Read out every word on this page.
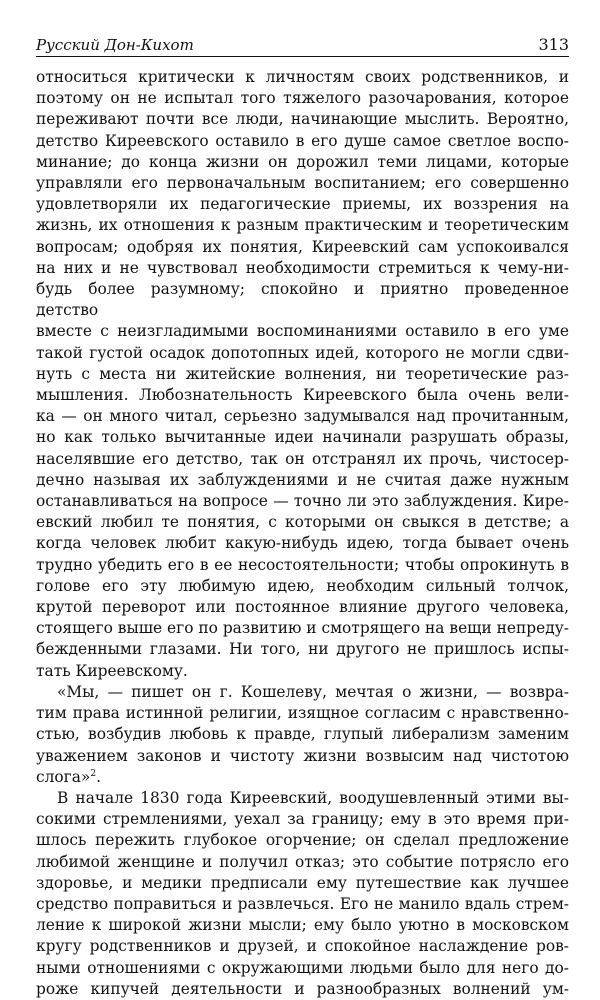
Русский Дон-Кихот	313

относиться критически к личностям своих родственников, и

поэтому он не испытал того тяжелого разочарования, которое

переживают почти все люди, начинающие мыслить. Вероятно,

детство Киреевского оставило в его душе самое светлое воспо-

минание; до конца жизни он дорожил теми лицами, которые

управляли его первоначальным воспитанием; его совершенно

удовлетворяли их педагогические приемы, их воззрения на

жизнь, их отношения к разным практическим и теоретическим

вопросам; одобряя их понятия, Киреевский сам успокоивался

на них и не чувствовал необходимости стремиться к чему-ни-

будь более разумному; спокойно и приятно проведенное детство

вместе с неизгладимыми воспоминаниями оставило в его уме

такой густой осадок допотопных идей, которого не могли сдви-

нуть с места ни житейские волнения, ни теоретические раз-

мышления. Любознательность Киреевского была очень вели-

ка — он много читал, серьезно задумывался над прочитанным,

но как только вычитанные идеи начинали разрушать образы,

населявшие его детство, так он отстранял их прочь, чистосер-

дечно называя их заблуждениями и не считая даже нужным

останавливаться на вопросе — точно ли это заблуждения. Кире-

евский любил те понятия, с которыми он свыкся в детстве; а

когда человек любит какую-нибудь идею, тогда бывает очень

трудно убедить его в ее несостоятельности; чтобы опрокинуть в

голове его эту любимую идею, необходим сильный толчок,

крутой переворот или постоянное влияние другого человека,

стоящего выше его по развитию и смотрящего на вещи непреду-

бежденными глазами. Ни того, ни другого не пришлось испы-

тать Киреевскому.

«Мы, — пишет он г. Кошелеву, мечтая о жизни, — возвра-

тим права истинной религии, изящное согласим с нравственно-

стью, возбудив любовь к правде, глупый либерализм заменим

уважением законов и чистоту жизни возвысим над чистотою

слога»$^2$.

В начале 1830 года Киреевский, воодушевленный этими вы-

сокими стремлениями, уехал за границу; ему в это время при-

шлось пережить глубокое огорчение; он сделал предложение

любимой женщине и получил отказ; это событие потрясло его

здоровье, и медики предписали ему путешествие как лучшее

средство поправиться и развлечься. Его не манило вдаль стрем-

ление к широкой жизни мысли; ему было уютно в московском

кругу родственников и друзей, и спокойное наслаждение ров-

ными отношениями с окружающими людьми было для него до-

роже кипучей деятельности и разнообразных волнений ум-
